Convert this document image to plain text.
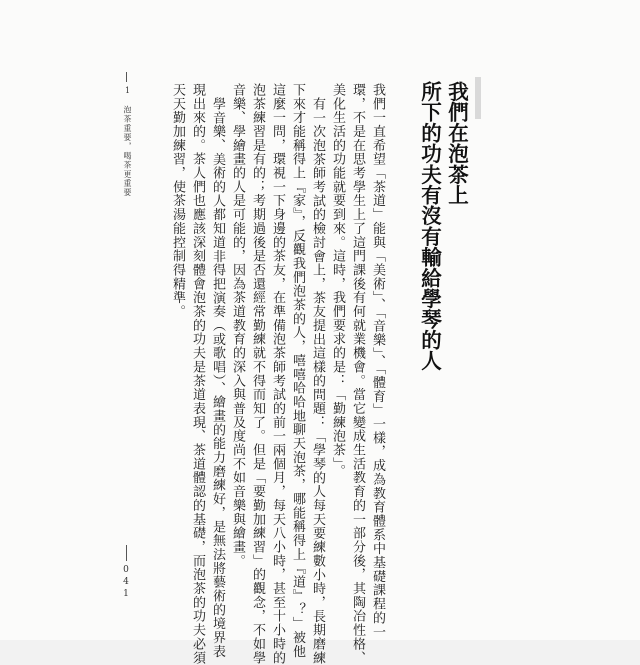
我們在泡茶上
所下的功夫有沒有輸給學琴的人
我們一直希望「茶道」能與「美術」、「音樂」、「體育」一樣，成為教育體系中基礎課程的一
環，不是在思考學生上了這門課後有何就業機會。當它變成生活教育的一部分後，其陶冶性格、
美化生活的功能就要到來。這時，我們要求的是：「勤練泡茶」。
有一次泡茶師考試的檢討會上，茶友提出這樣的問題：「學琴的人每天要練數小時，長期磨練
下來才能稱得上『家』，反觀我們泡茶的人，嘻嘻哈哈地聊天泡茶，哪能稱得上『道』？」被他
這麼一問，環視一下身邊的茶友，在準備泡茶師考試的前一兩個月，每天八小時，甚至十小時的
泡茶練習是有的；考期過後是否還經常勤練就不得而知了。但是「要勤加練習」的觀念，不如學
音樂、學繪畫的人是可能的，因為茶道教育的深入與普及度尚不如音樂與繪畫。
學音樂、美術的人都知道非得把演奏（或歌唱）、繪畫的能力磨練好，是無法將藝術的境界表
現出來的。茶人們也應該深刻體會泡茶的功夫是茶道表現、茶道體認的基礎，而泡茶的功夫必須
天天勤加練習，使茶湯能控制得精準。
1　泡茶重要，喝茶更重要
041
